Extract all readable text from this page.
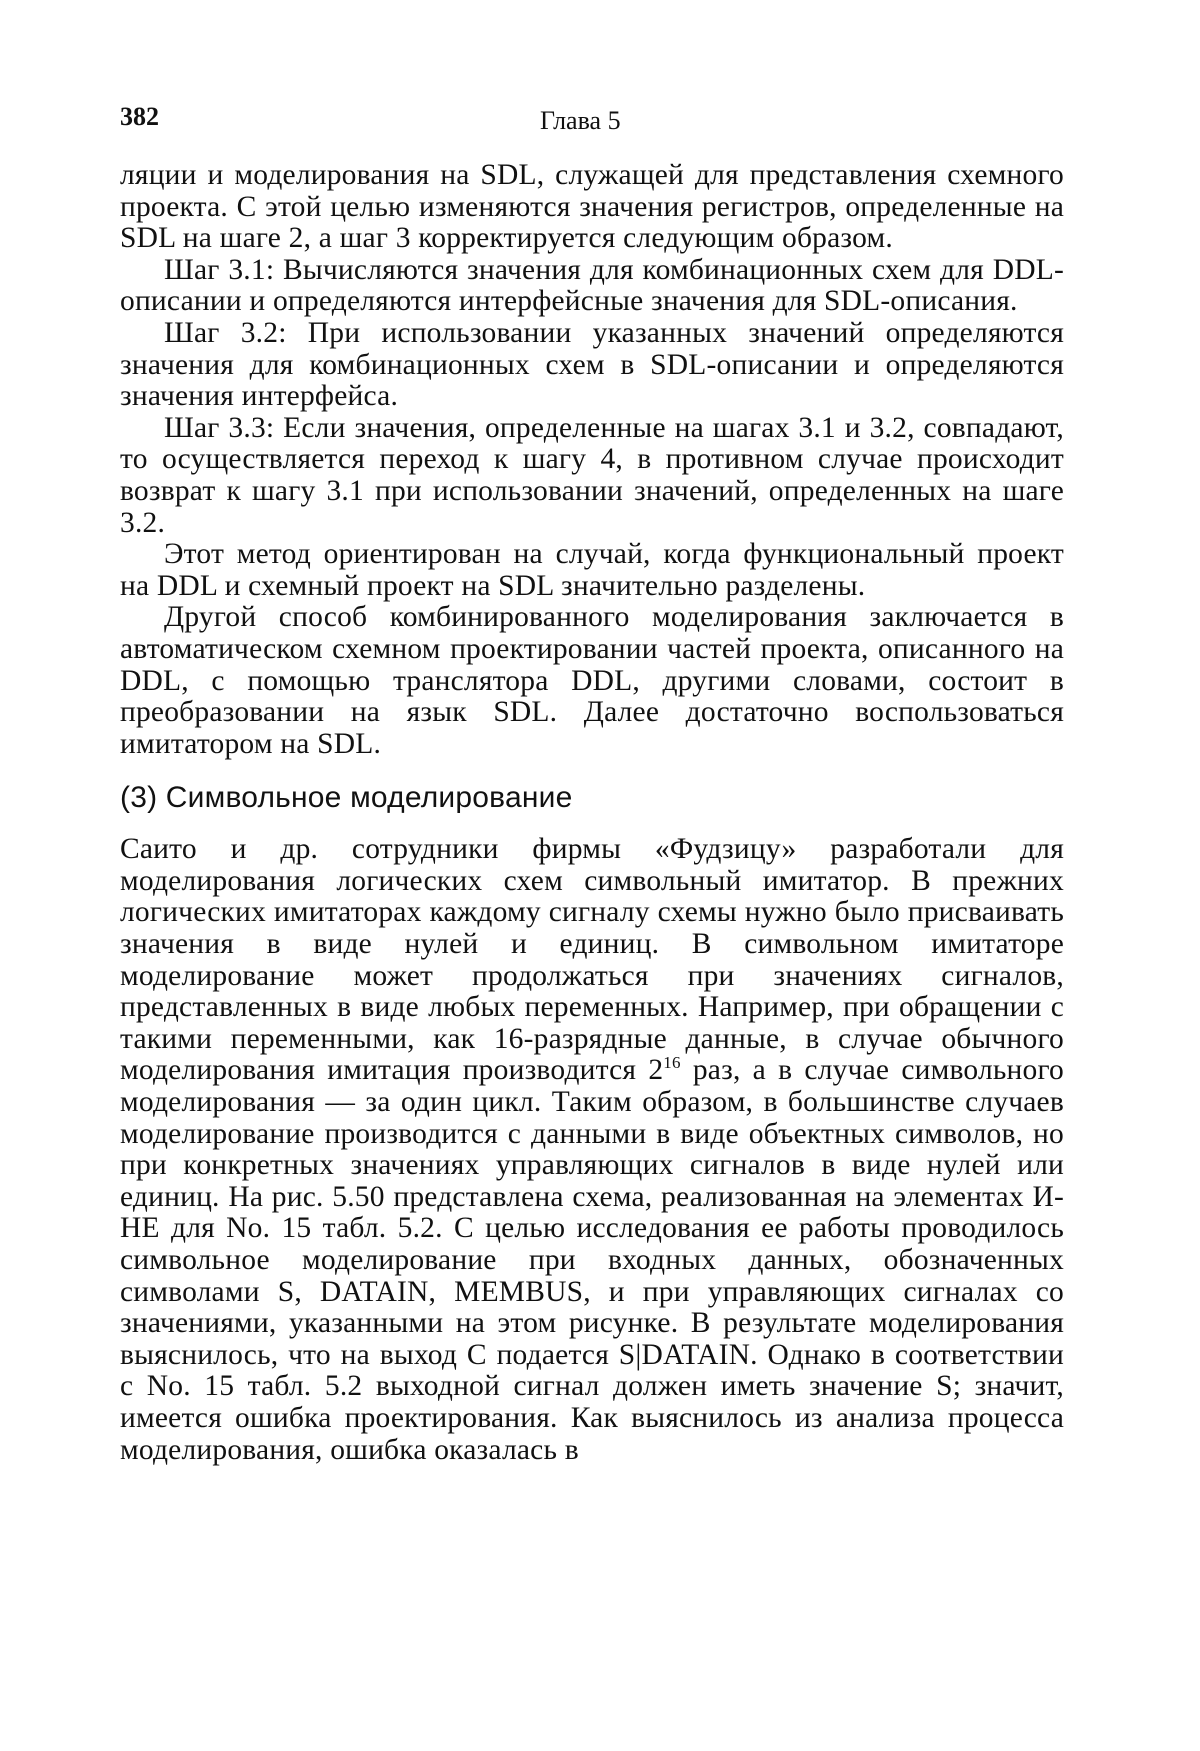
382	Глава 5

ляции и моделирования на SDL, служащей для представления схемного проекта. С этой целью изменяются значения регистров, определенные на SDL на шаге 2, а шаг 3 корректируется следующим образом.

Шаг 3.1: Вычисляются значения для комбинационных схем для DDL-описании и определяются интерфейсные значения для SDL-описания.

Шаг 3.2: При использовании указанных значений определяются значения для комбинационных схем в SDL-описании и определяются значения интерфейса.

Шаг 3.3: Если значения, определенные на шагах 3.1 и 3.2, совпадают, то осуществляется переход к шагу 4, в противном случае происходит возврат к шагу 3.1 при использовании значений, определенных на шаге 3.2.

Этот метод ориентирован на случай, когда функциональный проект на DDL и схемный проект на SDL значительно разделены.

Другой способ комбинированного моделирования заключается в автоматическом схемном проектировании частей проекта, описанного на DDL, с помощью транслятора DDL, другими словами, состоит в преобразовании на язык SDL. Далее достаточно воспользоваться имитатором на SDL.

(3) Символьное моделирование

Саито и др. сотрудники фирмы «Фудзицу» разработали для моделирования логических схем символьный имитатор. В прежних логических имитаторах каждому сигналу схемы нужно было присваивать значения в виде нулей и единиц. В символьном имитаторе моделирование может продолжаться при значениях сигналов, представленных в виде любых переменных. Например, при обращении с такими переменными, как 16-разрядные данные, в случае обычного моделирования имитация производится $2^{16}$ раз, а в случае символьного моделирования — за один цикл. Таким образом, в большинстве случаев моделирование производится с данными в виде объектных символов, но при конкретных значениях управляющих сигналов в виде нулей или единиц. На рис. 5.50 представлена схема, реализованная на элементах И-НЕ для No. 15 табл. 5.2. С целью исследования ее работы проводилось символьное моделирование при входных данных, обозначенных символами S, DATAIN, MEMBUS, и при управляющих сигналах со значениями, указанными на этом рисунке. В результате моделирования выяснилось, что на выход С подается S|DATAIN. Однако в соответствии с No. 15 табл. 5.2 выходной сигнал должен иметь значение S; значит, имеется ошибка проектирования. Как выяснилось из анализа процесса моделирования, ошибка оказалась в
